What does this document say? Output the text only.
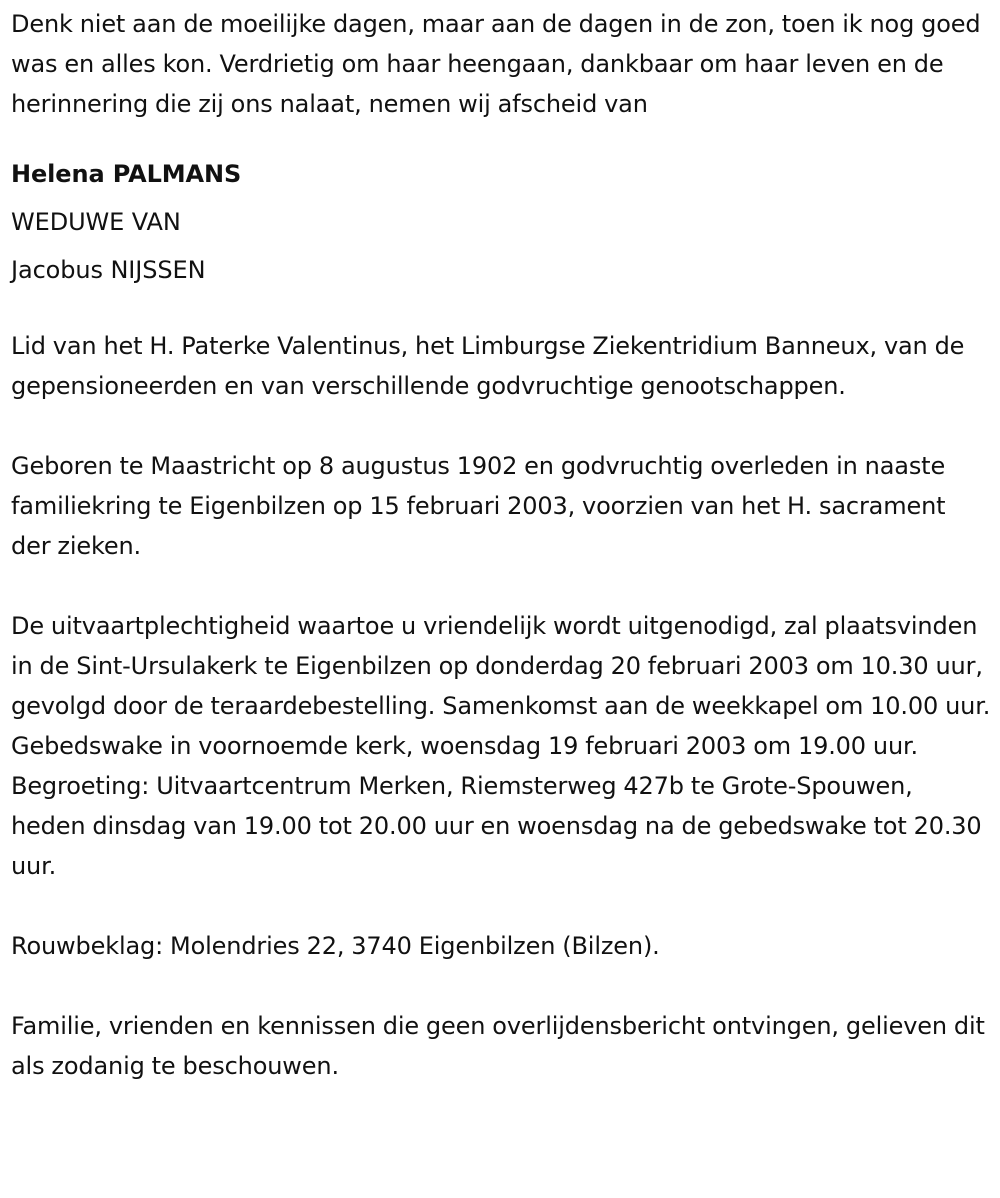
Denk niet aan de moeilijke dagen, maar aan de dagen in de zon, toen ik nog goed was en alles kon. Verdrietig om haar heengaan, dankbaar om haar leven en de herinnering die zij ons nalaat, nemen wij afscheid van

Helena PALMANS
WEDUWE VAN
Jacobus NIJSSEN

Lid van het H. Paterke Valentinus, het Limburgse Ziekentridium Banneux, van de gepensioneerden en van verschillende godvruchtige genootschappen.

Geboren te Maastricht op 8 augustus 1902 en godvruchtig overleden in naaste familiekring te Eigenbilzen op 15 februari 2003, voorzien van het H. sacrament der zieken.

De uitvaartplechtigheid waartoe u vriendelijk wordt uitgenodigd, zal plaatsvinden in de Sint-Ursulakerk te Eigenbilzen op donderdag 20 februari 2003 om 10.30 uur, gevolgd door de teraardebestelling. Samenkomst aan de weekkapel om 10.00 uur. Gebedswake in voornoemde kerk, woensdag 19 februari 2003 om 19.00 uur. Begroeting: Uitvaartcentrum Merken, Riemsterweg 427b te Grote-Spouwen, heden dinsdag van 19.00 tot 20.00 uur en woensdag na de gebedswake tot 20.30 uur.

Rouwbeklag: Molendries 22, 3740 Eigenbilzen (Bilzen).

Familie, vrienden en kennissen die geen overlijdensbericht ontvingen, gelieven dit als zodanig te beschouwen.
